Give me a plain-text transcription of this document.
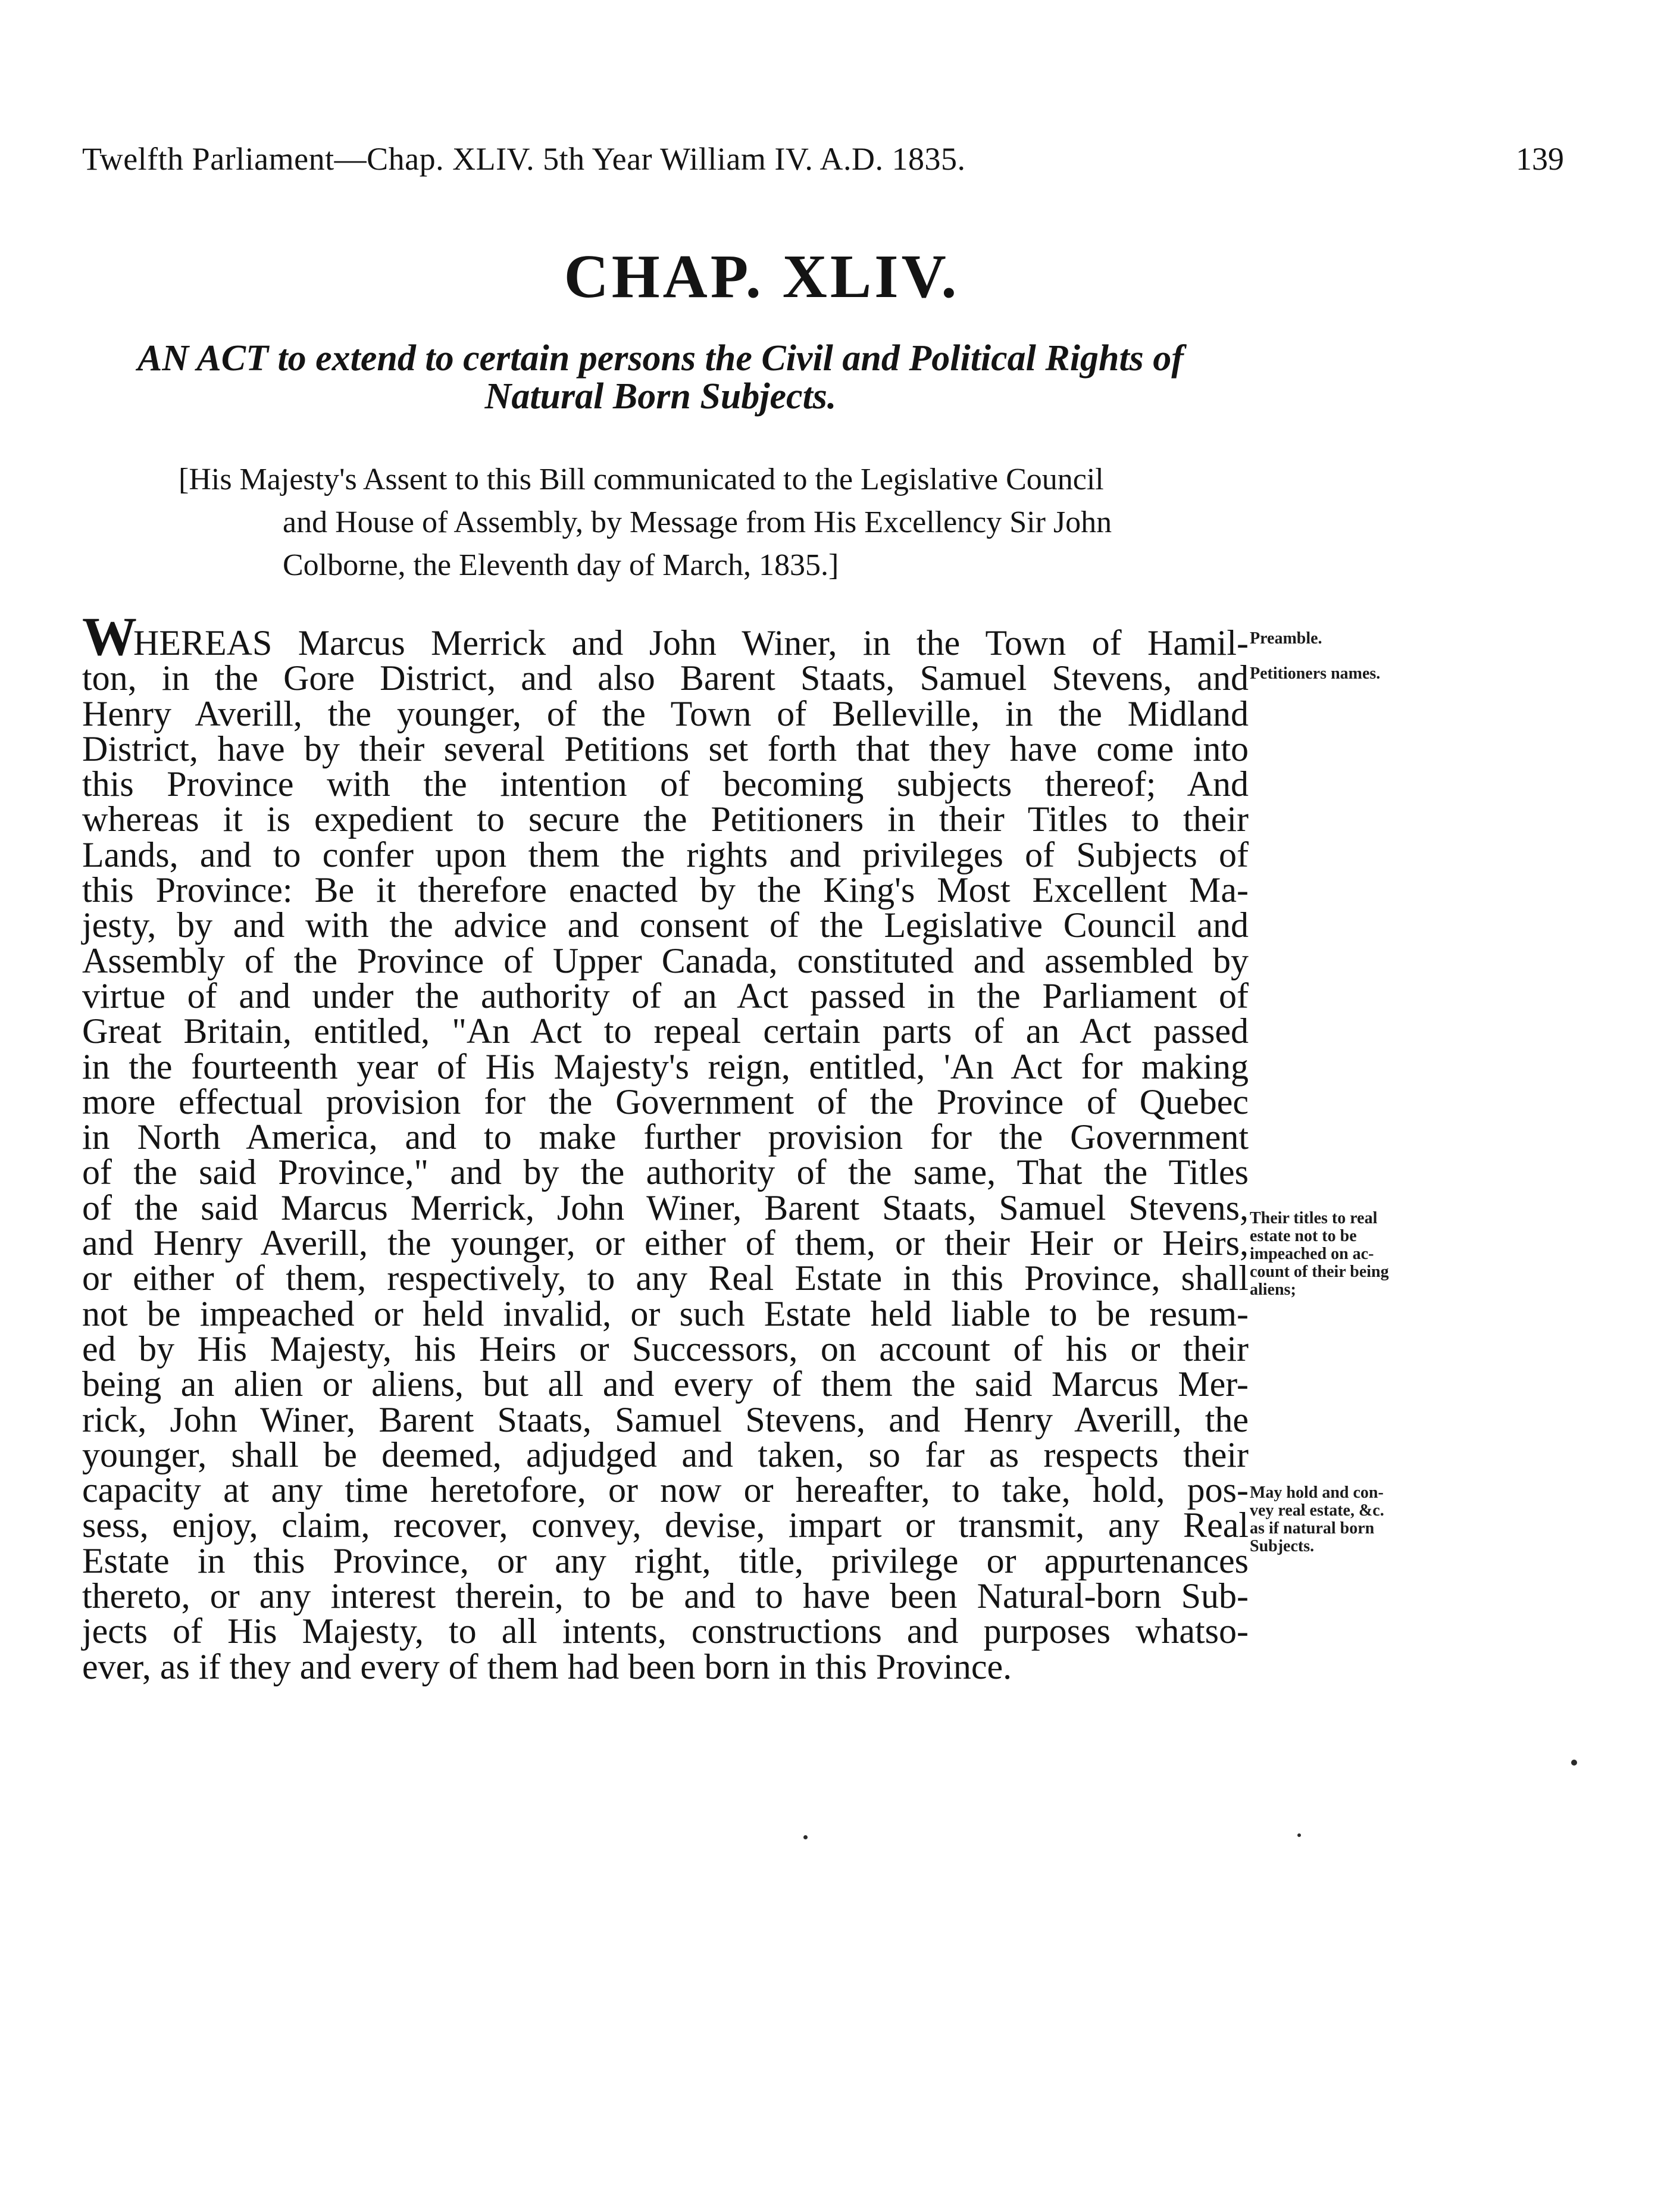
Twelfth Parliament—Chap. XLIV. 5th Year William IV. A.D. 1835.	139
CHAP. XLIV.
AN ACT to extend to certain persons the Civil and Political Rights of Natural Born Subjects.
[His Majesty's Assent to this Bill communicated to the Legislative Council
and House of Assembly, by Message from His Excellency Sir John
Colborne, the Eleventh day of March, 1835.]
WHEREAS Marcus Merrick and John Winer, in the Town of Hamil-
ton, in the Gore District, and also Barent Staats, Samuel Stevens, and
Henry Averill, the younger, of the Town of Belleville, in the Midland
District, have by their several Petitions set forth that they have come into
this Province with the intention of becoming subjects thereof; And
whereas it is expedient to secure the Petitioners in their Titles to their
Lands, and to confer upon them the rights and privileges of Subjects of
this Province: Be it therefore enacted by the King's Most Excellent Ma-
jesty, by and with the advice and consent of the Legislative Council and
Assembly of the Province of Upper Canada, constituted and assembled by
virtue of and under the authority of an Act passed in the Parliament of
Great Britain, entitled, "An Act to repeal certain parts of an Act passed
in the fourteenth year of His Majesty's reign, entitled, 'An Act for making
more effectual provision for the Government of the Province of Quebec
in North America, and to make further provision for the Government
of the said Province," and by the authority of the same, That the Titles
of the said Marcus Merrick, John Winer, Barent Staats, Samuel Stevens,
and Henry Averill, the younger, or either of them, or their Heir or Heirs,
or either of them, respectively, to any Real Estate in this Province, shall
not be impeached or held invalid, or such Estate held liable to be resum-
ed by His Majesty, his Heirs or Successors, on account of his or their
being an alien or aliens, but all and every of them the said Marcus Mer-
rick, John Winer, Barent Staats, Samuel Stevens, and Henry Averill, the
younger, shall be deemed, adjudged and taken, so far as respects their
capacity at any time heretofore, or now or hereafter, to take, hold, pos-
sess, enjoy, claim, recover, convey, devise, impart or transmit, any Real
Estate in this Province, or any right, title, privilege or appurtenances
thereto, or any interest therein, to be and to have been Natural-born Sub-
jects of His Majesty, to all intents, constructions and purposes whatso-
ever, as if they and every of them had been born in this Province.
Preamble.
Petitioners names.
Their titles to real
estate not to be
impeached on ac-
count of their being
aliens;
May hold and con-
vey real estate, &c.
as if natural born
Subjects.
